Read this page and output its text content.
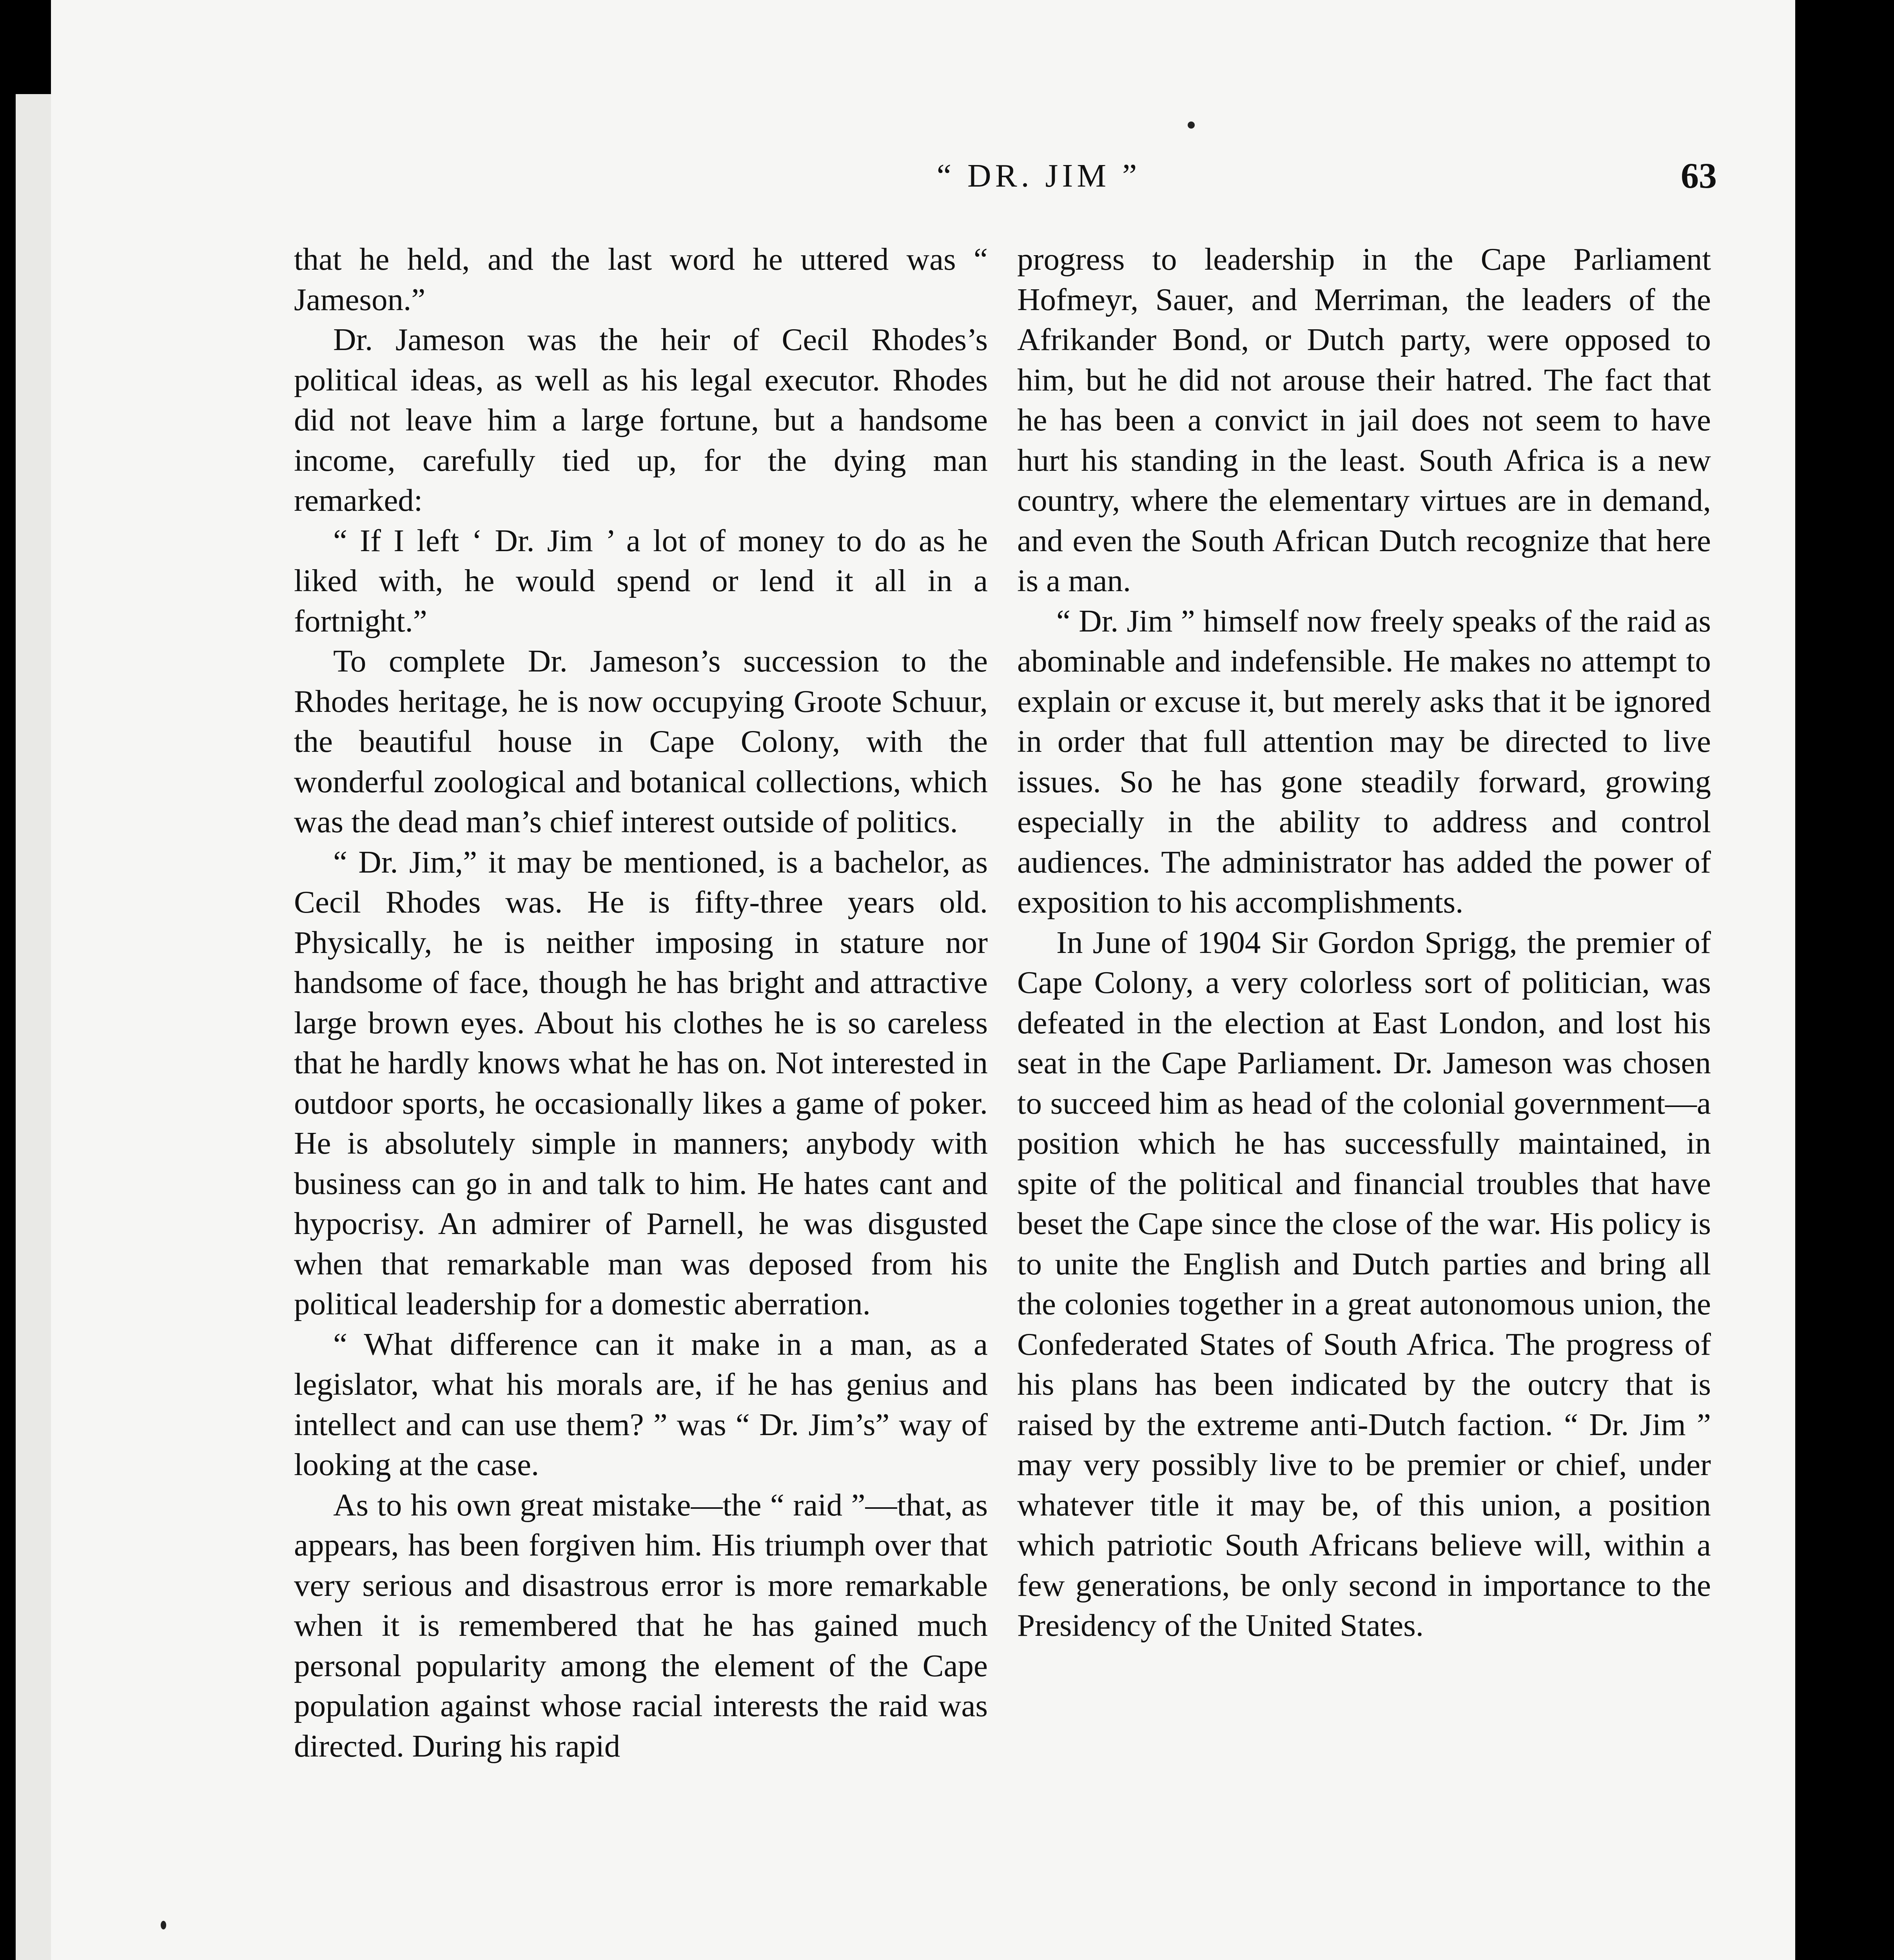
“ DR. JIM ”	63

that he held, and the last word he uttered was “ Jameson.”

Dr. Jameson was the heir of Cecil Rhodes’s political ideas, as well as his legal executor. Rhodes did not leave him a large fortune, but a handsome income, carefully tied up, for the dying man remarked:

“ If I left ‘ Dr. Jim ’ a lot of money to do as he liked with, he would spend or lend it all in a fortnight.”

To complete Dr. Jameson’s succession to the Rhodes heritage, he is now occupying Groote Schuur, the beautiful house in Cape Colony, with the wonderful zoological and botanical collections, which was the dead man’s chief interest outside of politics.

“ Dr. Jim,” it may be mentioned, is a bachelor, as Cecil Rhodes was. He is fifty-three years old. Physically, he is neither imposing in stature nor handsome of face, though he has bright and attractive large brown eyes. About his clothes he is so careless that he hardly knows what he has on. Not interested in outdoor sports, he occasionally likes a game of poker. He is absolutely simple in manners; anybody with business can go in and talk to him. He hates cant and hypocrisy. An admirer of Parnell, he was disgusted when that remarkable man was deposed from his political leadership for a domestic aberration.

“ What difference can it make in a man, as a legislator, what his morals are, if he has genius and intellect and can use them? ” was “ Dr. Jim’s” way of looking at the case.

As to his own great mistake—the “ raid ”—that, as appears, has been forgiven him. His triumph over that very serious and disastrous error is more remarkable when it is remembered that he has gained much personal popularity among the element of the Cape population against whose racial interests the raid was directed. During his rapid

progress to leadership in the Cape Parliament Hofmeyr, Sauer, and Merriman, the leaders of the Afrikander Bond, or Dutch party, were opposed to him, but he did not arouse their hatred. The fact that he has been a convict in jail does not seem to have hurt his standing in the least. South Africa is a new country, where the elementary virtues are in demand, and even the South African Dutch recognize that here is a man.

“ Dr. Jim ” himself now freely speaks of the raid as abominable and indefensible. He makes no attempt to explain or excuse it, but merely asks that it be ignored in order that full attention may be directed to live issues. So he has gone steadily forward, growing especially in the ability to address and control audiences. The administrator has added the power of exposition to his accomplishments.

In June of 1904 Sir Gordon Sprigg, the premier of Cape Colony, a very colorless sort of politician, was defeated in the election at East London, and lost his seat in the Cape Parliament. Dr. Jameson was chosen to succeed him as head of the colonial government—a position which he has successfully maintained, in spite of the political and financial troubles that have beset the Cape since the close of the war. His policy is to unite the English and Dutch parties and bring all the colonies together in a great autonomous union, the Confederated States of South Africa. The progress of his plans has been indicated by the outcry that is raised by the extreme anti-Dutch faction. “ Dr. Jim ” may very possibly live to be premier or chief, under whatever title it may be, of this union, a position which patriotic South Africans believe will, within a few generations, be only second in importance to the Presidency of the United States.
